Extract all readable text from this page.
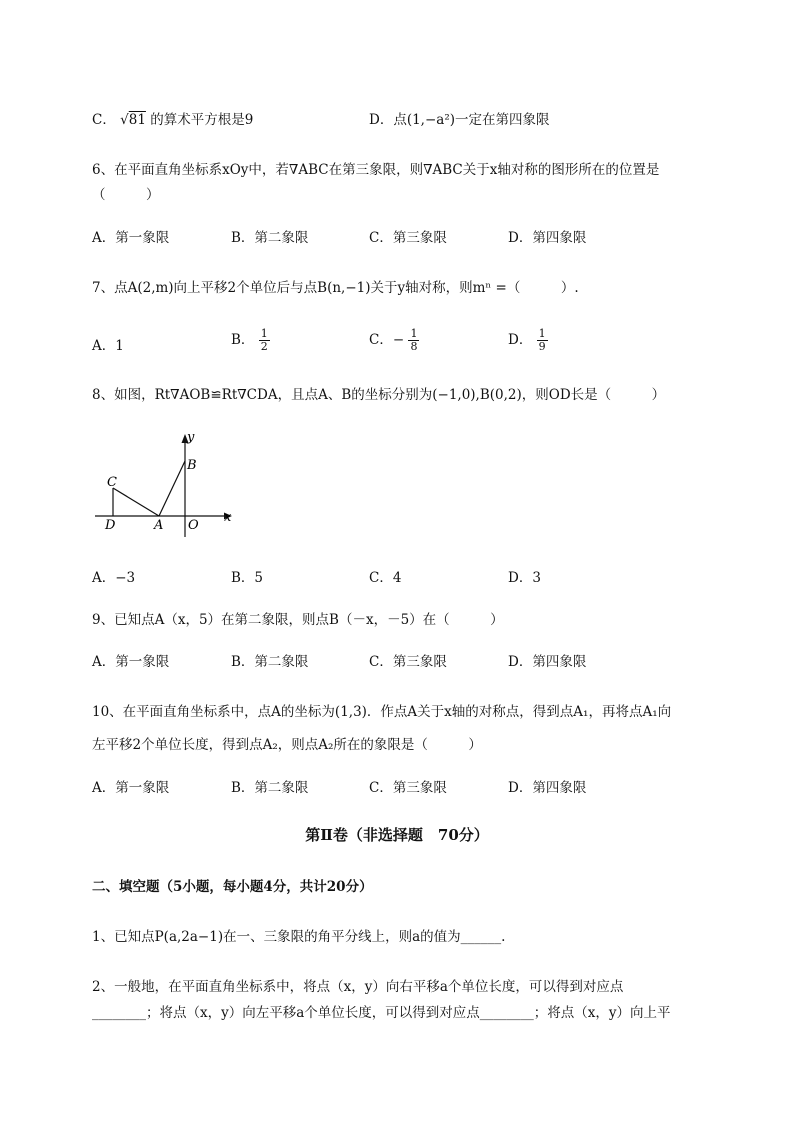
C． √81 的算术平方根是9	D．点(1,−a²)一定在第四象限
6、在平面直角坐标系xOy中，若∇ABC在第三象限，则∇ABC关于x轴对称的图形所在的位置是
（　　　）
A．第一象限	B．第二象限	C．第三象限	D．第四象限
7、点A(2,m)向上平移2个单位后与点B(n,−1)关于y轴对称，则mⁿ =（　　　）.
A．1	B． $\frac{1}{2}$	C．− $\frac{1}{8}$	D． $\frac{1}{9}$
8、如图，Rt∇AOB≌Rt∇CDA，且点A、B的坐标分别为(−1,0),B(0,2)，则OD长是（　　　）
y
x
B
C
D	A O
A．−3	B．5	C．4	D．3
9、已知点A（x，5）在第二象限，则点B（－x，－5）在（　　　）
A．第一象限	B．第二象限	C．第三象限	D．第四象限
10、在平面直角坐标系中，点A的坐标为(1,3)．作点A关于x轴的对称点，得到点A₁，再将点A₁向
左平移2个单位长度，得到点A₂，则点A₂所在的象限是（　　　）
A．第一象限	B．第二象限	C．第三象限	D．第四象限
第Ⅱ卷（非选择题　70分）
二、填空题（5小题，每小题4分，共计20分）
1、已知点P(a,2a−1)在一、三象限的角平分线上，则a的值为______.
2、一般地，在平面直角坐标系中，将点（x，y）向右平移a个单位长度，可以得到对应点
________；将点（x，y）向左平移a个单位长度，可以得到对应点________；将点（x，y）向上平
